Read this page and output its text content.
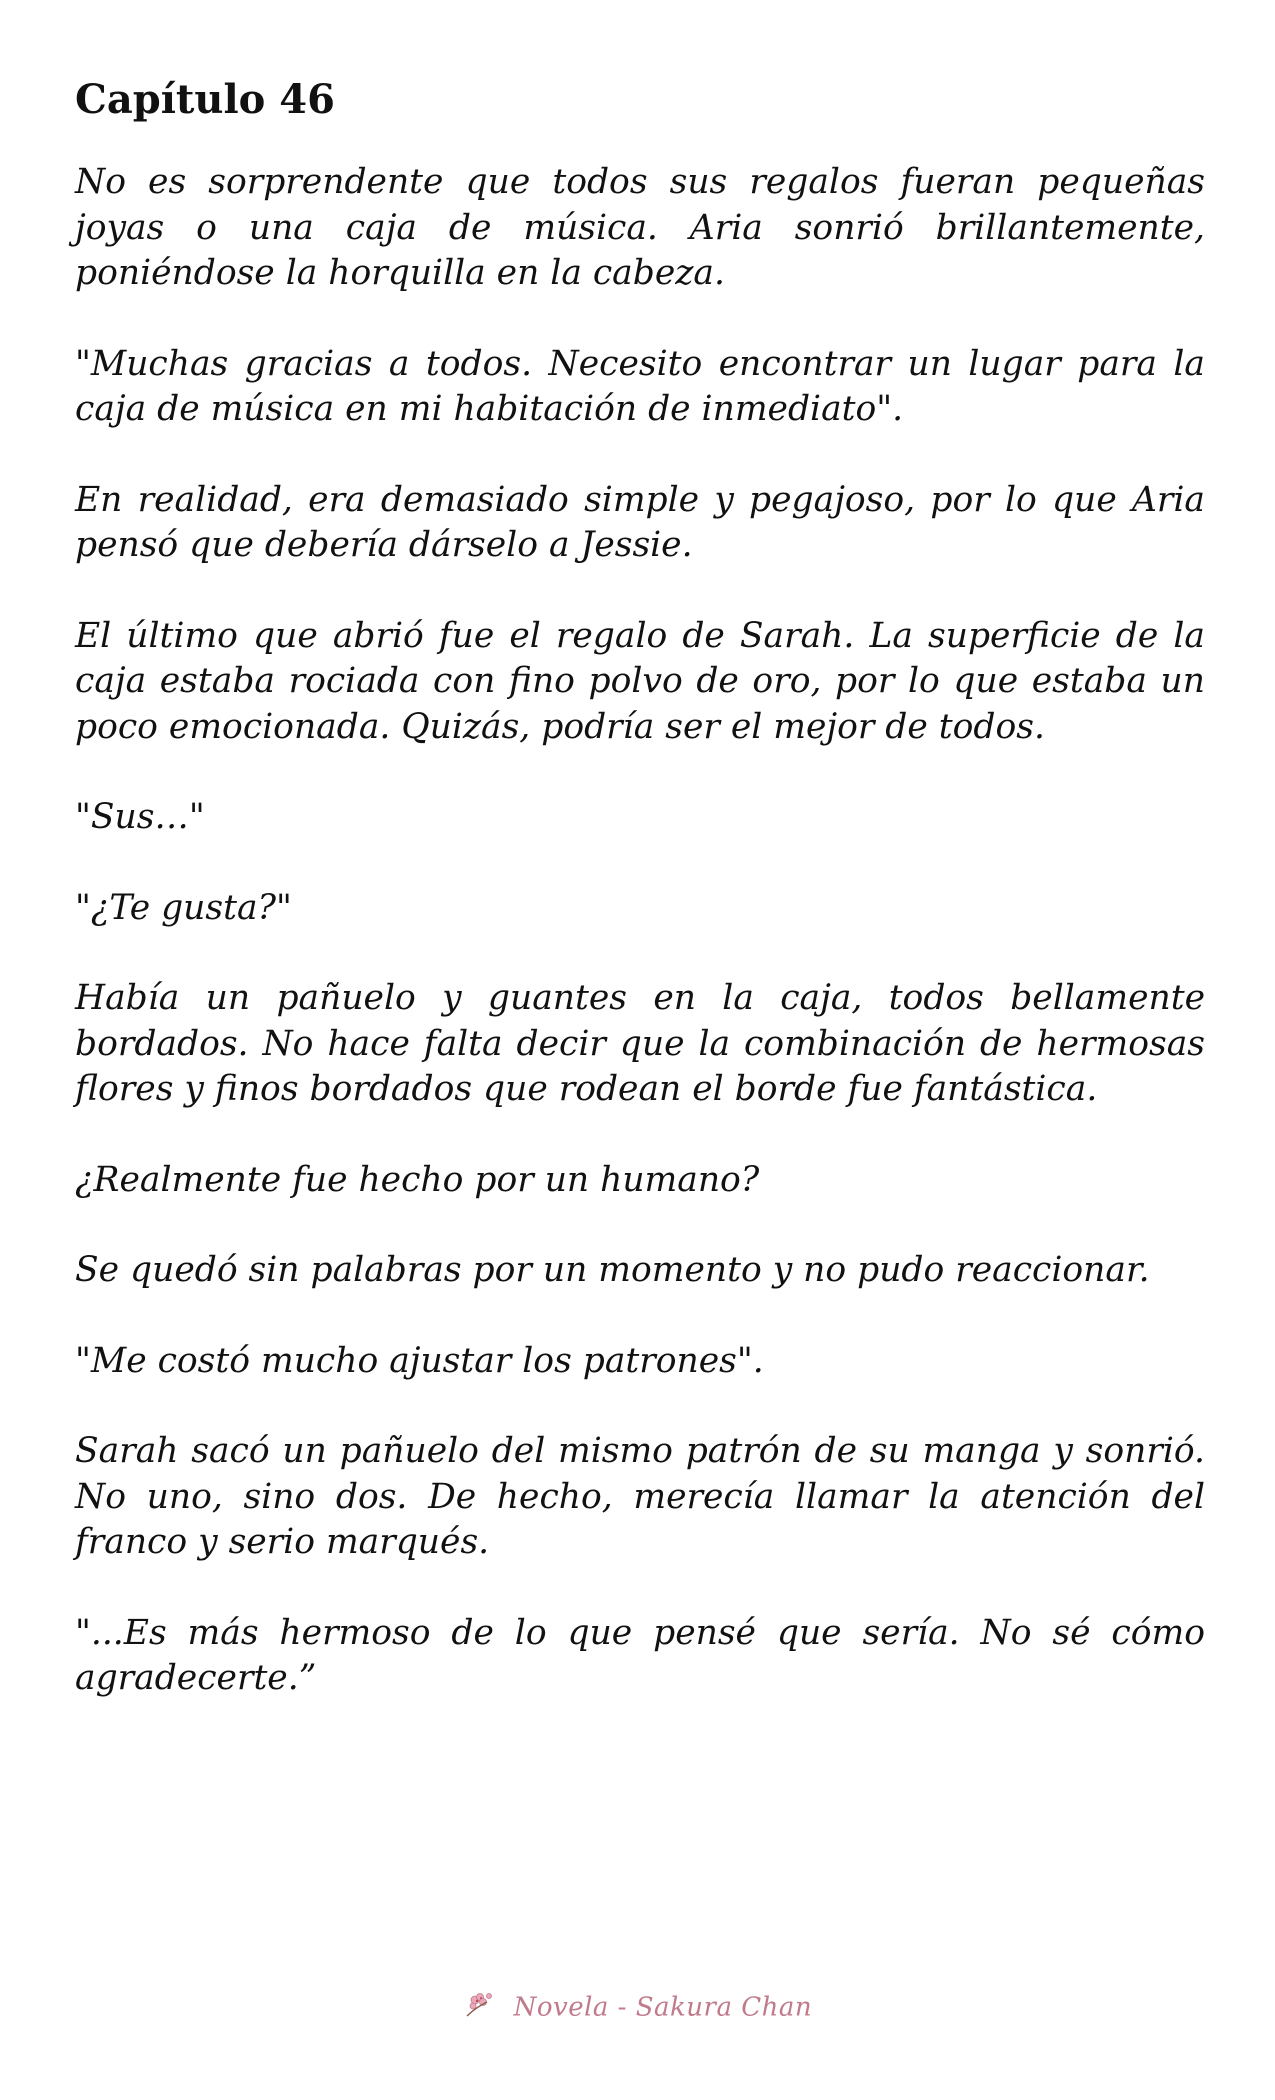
Capítulo 46

No es sorprendente que todos sus regalos fueran pequeñas joyas o una caja de música. Aria sonrió brillantemente, poniéndose la horquilla en la cabeza.

"Muchas gracias a todos. Necesito encontrar un lugar para la caja de música en mi habitación de inmediato".

En realidad, era demasiado simple y pegajoso, por lo que Aria pensó que debería dárselo a Jessie.

El último que abrió fue el regalo de Sarah. La superficie de la caja estaba rociada con fino polvo de oro, por lo que estaba un poco emocionada. Quizás, podría ser el mejor de todos.

"Sus…"

"¿Te gusta?"

Había un pañuelo y guantes en la caja, todos bellamente bordados. No hace falta decir que la combinación de hermosas flores y finos bordados que rodean el borde fue fantástica.

¿Realmente fue hecho por un humano?

Se quedó sin palabras por un momento y no pudo reaccionar.

"Me costó mucho ajustar los patrones".

Sarah sacó un pañuelo del mismo patrón de su manga y sonrió. No uno, sino dos. De hecho, merecía llamar la atención del franco y serio marqués.

"...Es más hermoso de lo que pensé que sería. No sé cómo agradecerte.”

Novela - Sakura Chan
